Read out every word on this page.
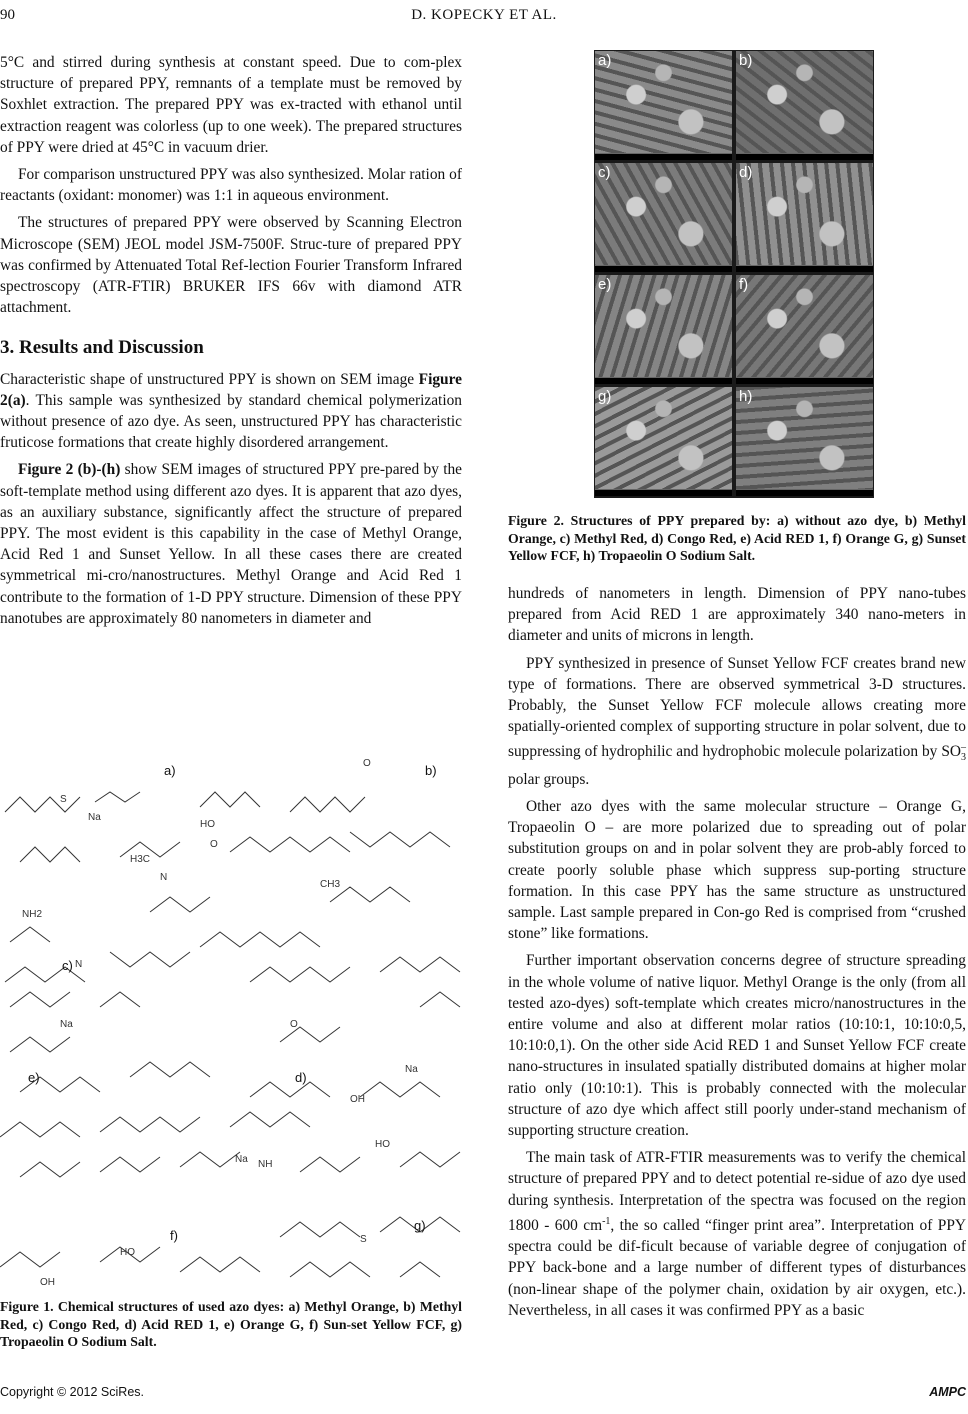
90	D. KOPECKY ET AL.

5°C and stirred during synthesis at constant speed. Due to com-plex structure of prepared PPY, remnants of a template must be removed by Soxhlet extraction. The prepared PPY was ex-tracted with ethanol until extraction reagent was colorless (up to one week). The prepared structures of PPY were dried at 45°C in vacuum drier.

For comparison unstructured PPY was also synthesized. Molar ration of reactants (oxidant: monomer) was 1:1 in aqueous environment.

The structures of prepared PPY were observed by Scanning Electron Microscope (SEM) JEOL model JSM-7500F. Struc-ture of prepared PPY was confirmed by Attenuated Total Ref-lection Fourier Transform Infrared spectroscopy (ATR-FTIR) BRUKER IFS 66v with diamond ATR attachment.

3. Results and Discussion

Characteristic shape of unstructured PPY is shown on SEM image Figure 2(a). This sample was synthesized by standard chemical polymerization without presence of azo dye. As seen, unstructured PPY has characteristic fruticose formations that create highly disordered arrangement.

Figure 2 (b)-(h) show SEM images of structured PPY pre-pared by the soft-template method using different azo dyes. It is apparent that azo dyes, as an auxiliary substance, significantly affect the structure of prepared PPY. The most evident is this capability in the case of Methyl Orange, Acid Red 1 and Sunset Yellow. In all these cases there are created symmetrical mi-cro/nanostructures. Methyl Orange and Acid Red 1 contribute to the formation of 1-D PPY structure. Dimension of these PPY nanotubes are approximately 80 nanometers in diameter and

a)	b)
c)	d)
e)	f)
g)	h)
Figure 2. Structures of PPY prepared by: a) without azo dye, b) Methyl Orange, c) Methyl Red, d) Congo Red, e) Acid RED 1, f) Orange G, g) Sunset Yellow FCF, h) Tropaeolin O Sodium Salt.

hundreds of nanometers in length. Dimension of PPY nano-tubes prepared from Acid RED 1 are approximately 340 nano-meters in diameter and units of microns in length.

PPY synthesized in presence of Sunset Yellow FCF creates brand new type of formations. There are observed symmetrical 3-D structures. Probably, the Sunset Yellow FCF molecule allows creating more spatially-oriented complex of supporting structure in polar solvent, due to suppressing of hydrophilic and hydrophobic molecule polarization by $SO_3^-$ polar groups.

Other azo dyes with the same molecular structure – Orange G, Tropaeolin O – are more polarized due to spreading out of polar substitution groups on and in polar solvent they are prob-ably forced to create poorly soluble phase which suppress sup-porting structure formation. In this case PPY has the same structure as unstructured sample. Last sample prepared in Con-go Red is comprised from “crushed stone” like formations.

Further important observation concerns degree of structure spreading in the whole volume of native liquor. Methyl Orange is the only (from all tested azo-dyes) soft-template which creates micro/nanostructures in the entire volume and also at different molar ratios (10:10:1, 10:10:0,5, 10:10:0,1). On the other side Acid RED 1 and Sunset Yellow FCF create nano-structures in insulated spatially distributed domains at higher molar ratio only (10:10:1). This is probably connected with the molecular structure of azo dye which affect still poorly under-stand mechanism of supporting structure creation.

The main task of ATR-FTIR measurements was to verify the chemical structure of prepared PPY and to detect potential re-sidue of azo dye used during synthesis. Interpretation of the spectra was focused on the region 1800 - 600 $cm^{-1}$, the so called “finger print area”. Interpretation of PPY spectra could be dif-ficult because of variable degree of conjugation of PPY back-bone and a large number of different types of disturbances (non-linear shape of the polymer chain, oxidation by air oxygen, etc.). Nevertheless, in all cases it was confirmed PPY as a basic

Na
HO
O
S
O
H3C
N
CH3
NH2
N
Na	O
Na
OH
NH
HO
Na
OH
HO
S
a)	b)
c)
d)
e)
f)
g)
Figure 1. Chemical structures of used azo dyes: a) Methyl Orange, b) Methyl Red, c) Congo Red, d) Acid RED 1, e) Orange G, f) Sun-set Yellow FCF, g) Tropaeolin O Sodium Salt.
Copyright © 2012 SciRes.	AMPC
